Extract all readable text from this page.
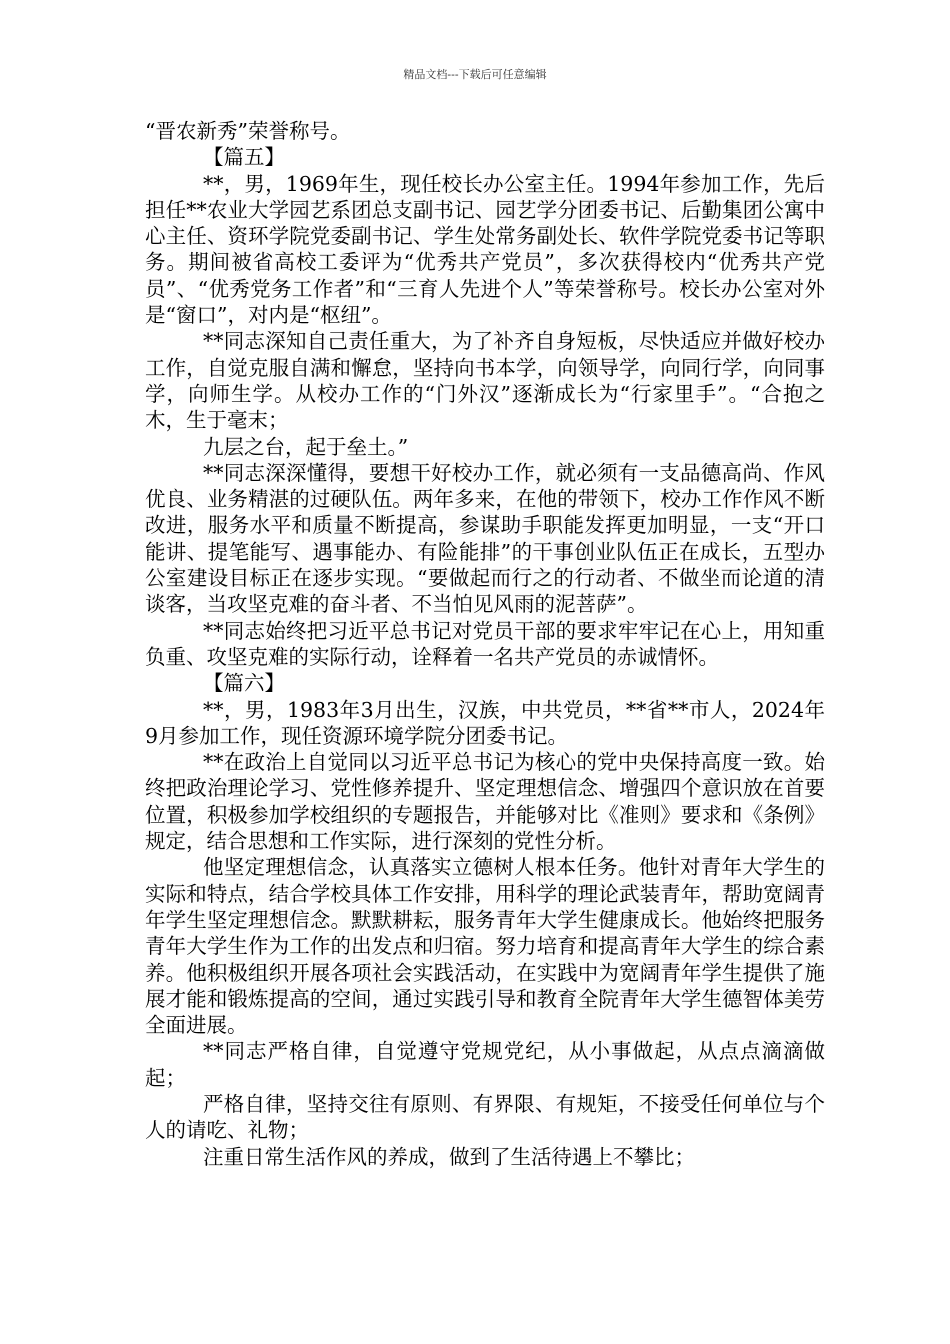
精品文档---下载后可任意编辑

“晋农新秀”荣誉称号。

【篇五】

**，男，1969年生，现任校长办公室主任。1994年参加工作，先后担任**农业大学园艺系团总支副书记、园艺学分团委书记、后勤集团公寓中心主任、资环学院党委副书记、学生处常务副处长、软件学院党委书记等职务。期间被省高校工委评为“优秀共产党员”，多次获得校内“优秀共产党员”、“优秀党务工作者”和“三育人先进个人”等荣誉称号。校长办公室对外是“窗口”，对内是“枢纽”。

**同志深知自己责任重大，为了补齐自身短板，尽快适应并做好校办工作，自觉克服自满和懈怠，坚持向书本学，向领导学，向同行学，向同事学，向师生学。从校办工作的“门外汉”逐渐成长为“行家里手”。“合抱之木，生于毫末；

九层之台，起于垒土。”

**同志深深懂得，要想干好校办工作，就必须有一支品德高尚、作风优良、业务精湛的过硬队伍。两年多来，在他的带领下，校办工作作风不断改进，服务水平和质量不断提高，参谋助手职能发挥更加明显，一支“开口能讲、提笔能写、遇事能办、有险能排”的干事创业队伍正在成长，五型办公室建设目标正在逐步实现。“要做起而行之的行动者、不做坐而论道的清谈客，当攻坚克难的奋斗者、不当怕见风雨的泥菩萨”。

**同志始终把习近平总书记对党员干部的要求牢牢记在心上，用知重负重、攻坚克难的实际行动，诠释着一名共产党员的赤诚情怀。

【篇六】

**，男，1983年3月出生，汉族，中共党员，**省**市人，2024年9月参加工作，现任资源环境学院分团委书记。

**在政治上自觉同以习近平总书记为核心的党中央保持高度一致。始终把政治理论学习、党性修养提升、坚定理想信念、增强四个意识放在首要位置，积极参加学校组织的专题报告，并能够对比《准则》要求和《条例》规定，结合思想和工作实际，进行深刻的党性分析。

他坚定理想信念，认真落实立德树人根本任务。他针对青年大学生的实际和特点，结合学校具体工作安排，用科学的理论武装青年，帮助宽阔青年学生坚定理想信念。默默耕耘，服务青年大学生健康成长。他始终把服务青年大学生作为工作的出发点和归宿。努力培育和提高青年大学生的综合素养。他积极组织开展各项社会实践活动，在实践中为宽阔青年学生提供了施展才能和锻炼提高的空间，通过实践引导和教育全院青年大学生德智体美劳全面进展。

**同志严格自律，自觉遵守党规党纪，从小事做起，从点点滴滴做起；

严格自律，坚持交往有原则、有界限、有规矩，不接受任何单位与个人的请吃、礼物；

注重日常生活作风的养成，做到了生活待遇上不攀比；
